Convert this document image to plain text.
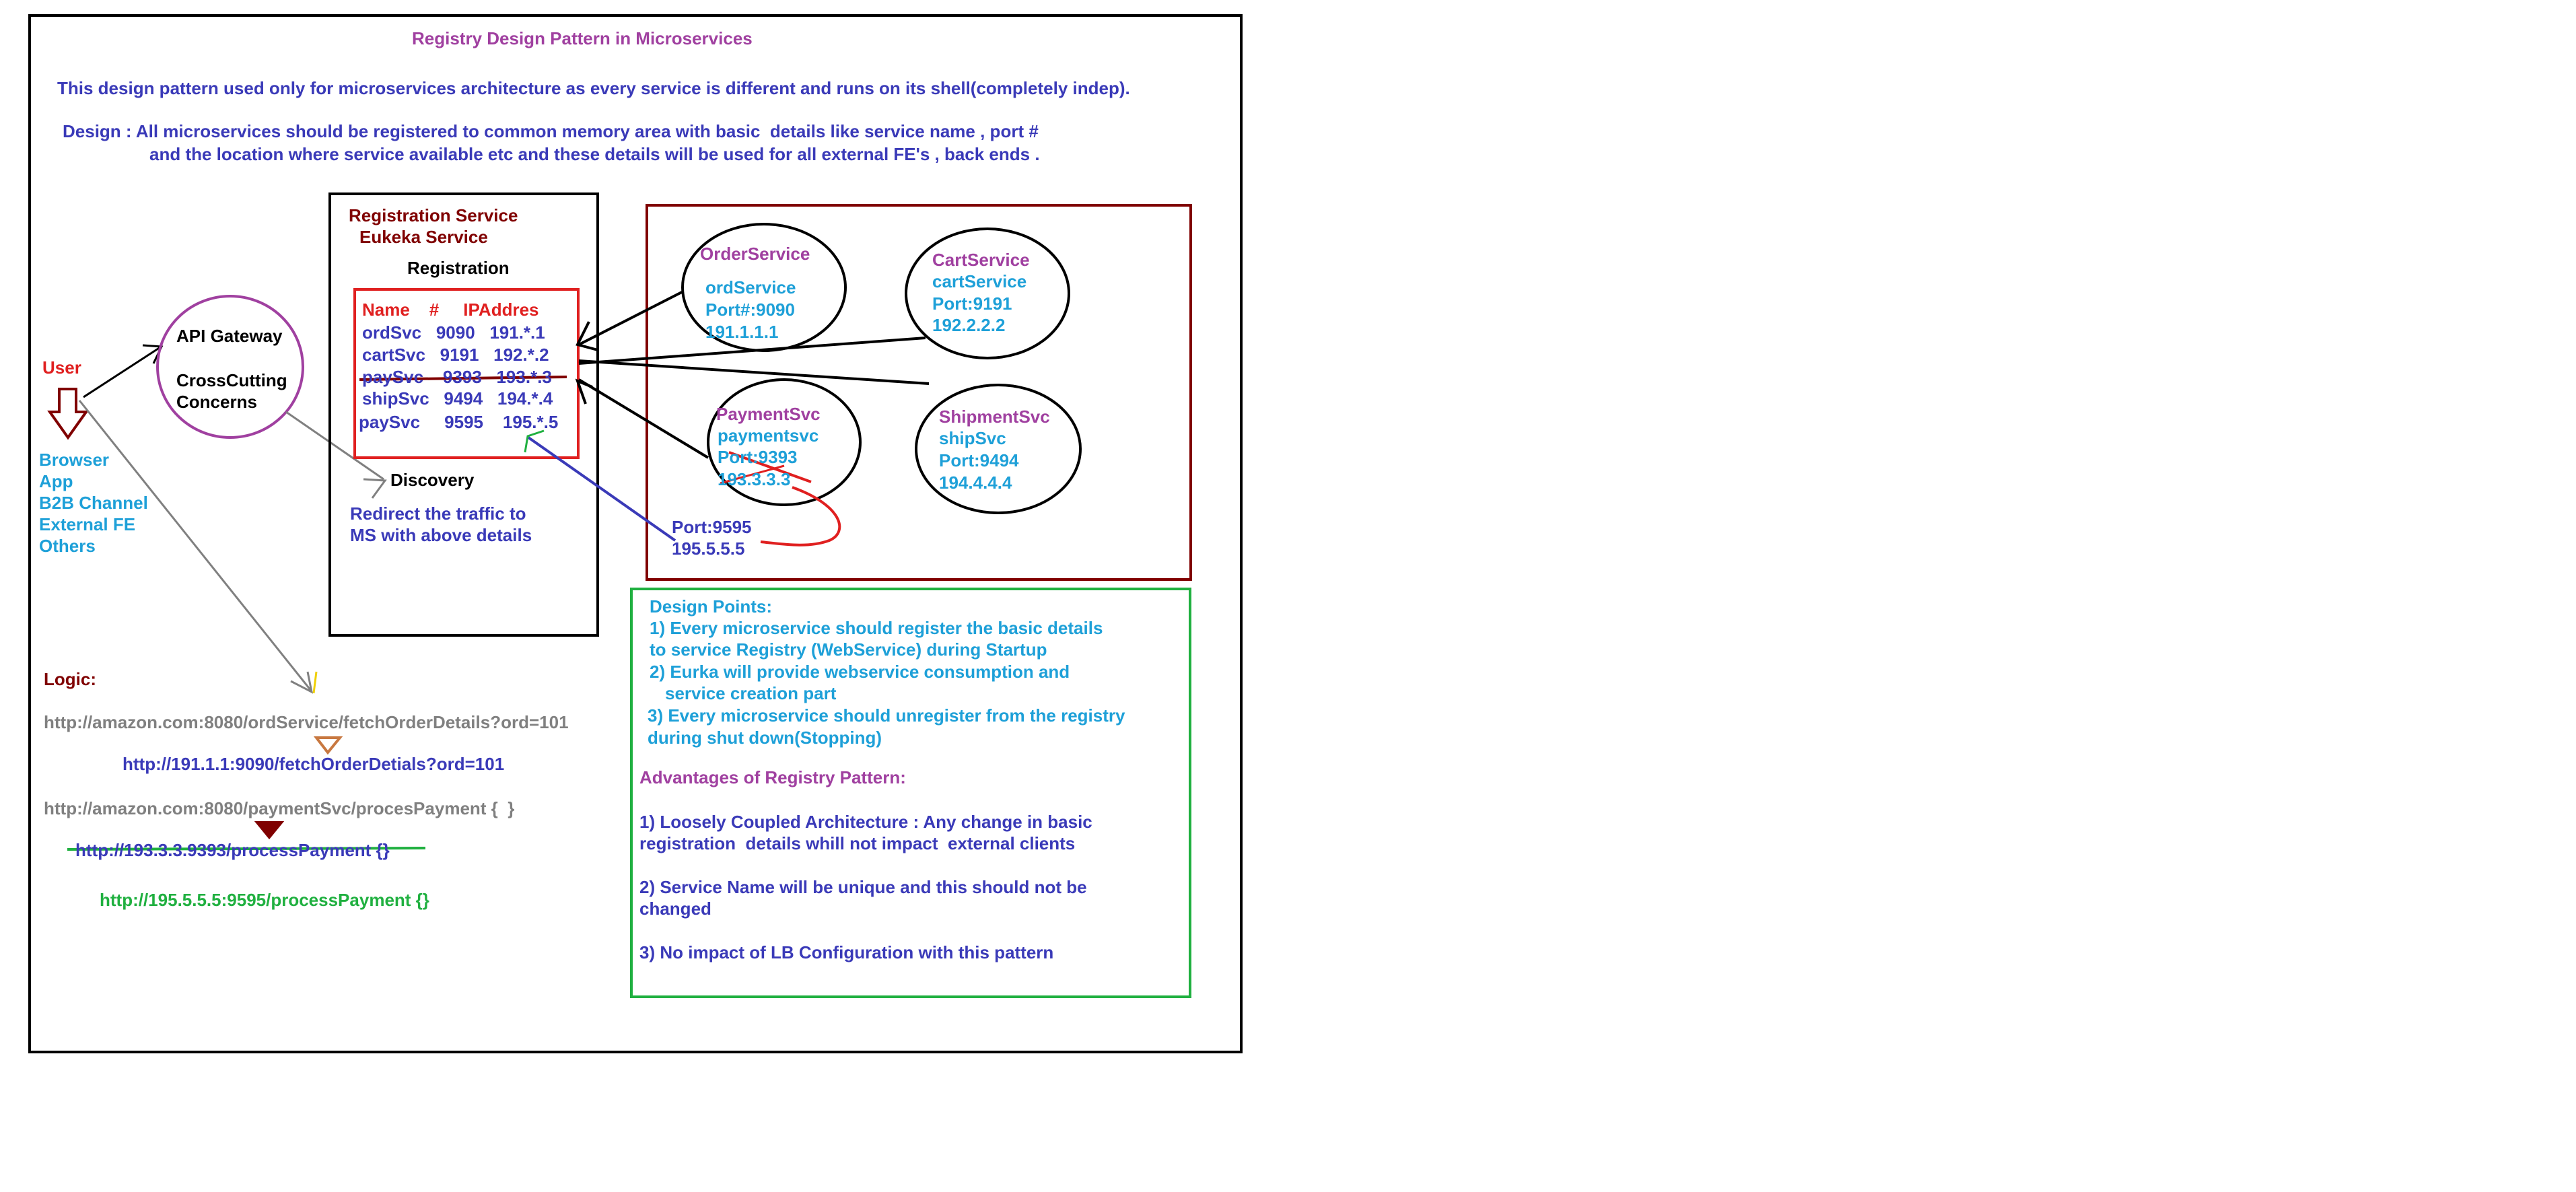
Registry Design Pattern in Microservices
This design pattern used only for microservices architecture as every service is different and runs on its shell(completely indep).
Design : All microservices should be registered to common memory area with basic  details like service name , port #
and the location where service available etc and these details will be used for all external FE's , back ends .
User
Browser
App
B2B Channel
External FE
Others
API Gateway
CrossCutting
Concerns
Registration Service
Eukeka Service
Registration
Name    #     IPAddres
ordSvc   9090   191.*.1
cartSvc   9191   192.*.2
paySvc    9393   193.*.3
shipSvc   9494   194.*.4
paySvc     9595    195.*.5
Discovery
Redirect the traffic to
MS with above details
OrderService
ordService
Port#:9090
191.1.1.1
CartService
cartService
Port:9191
192.2.2.2
PaymentSvc
paymentsvc
Port:9393
193.3.3.3
ShipmentSvc
shipSvc
Port:9494
194.4.4.4
Port:9595
195.5.5.5
Logic:
http://amazon.com:8080/ordService/fetchOrderDetails?ord=101
http://191.1.1:9090/fetchOrderDetials?ord=101
http://amazon.com:8080/paymentSvc/procesPayment {  }
http://193.3.3.9393/processPayment {}
http://195.5.5.5:9595/processPayment {}
Design Points:
1) Every microservice should register the basic details
to service Registry (WebService) during Startup
2) Eurka will provide webservice consumption and
service creation part
3) Every microservice should unregister from the registry
during shut down(Stopping)
Advantages of Registry Pattern:
1) Loosely Coupled Architecture : Any change in basic
registration  details whill not impact  external clients
2) Service Name will be unique and this should not be
changed
3) No impact of LB Configuration with this pattern
